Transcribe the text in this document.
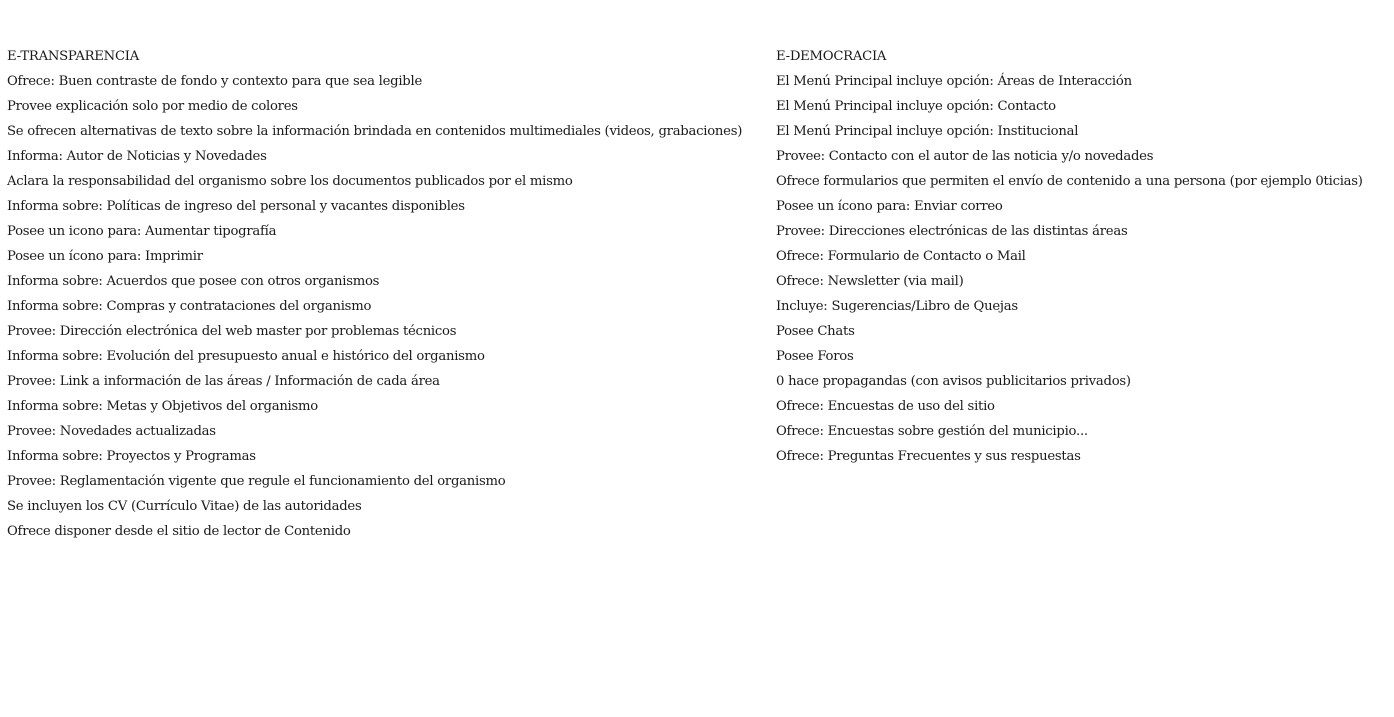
E-TRANSPARENCIA
Ofrece: Buen contraste de fondo y contexto para que sea legible
Provee explicación solo por medio de colores
Se ofrecen alternativas de texto sobre la información brindada en contenidos multimediales (videos, grabaciones)
Informa: Autor de Noticias y Novedades
Aclara la responsabilidad del organismo sobre los documentos publicados por el mismo
Informa sobre: Políticas de ingreso del personal y vacantes disponibles
Posee un icono para: Aumentar tipografía
Posee un ícono para: Imprimir
Informa sobre: Acuerdos que posee con otros organismos
Informa sobre: Compras y contrataciones del organismo
Provee: Dirección electrónica del web master por problemas técnicos
Informa sobre: Evolución del presupuesto anual e histórico del organismo
Provee: Link a información de las áreas / Información de cada área
Informa sobre: Metas y Objetivos del organismo
Provee: Novedades actualizadas
Informa sobre: Proyectos y Programas
Provee: Reglamentación vigente que regule el funcionamiento del organismo
Se incluyen los CV (Currículo Vitae) de las autoridades
Ofrece disponer desde el sitio de lector de Contenido
E-DEMOCRACIA
El Menú Principal incluye opción: Áreas de Interacción
El Menú Principal incluye opción: Contacto
El Menú Principal incluye opción: Institucional
Provee: Contacto con el autor de las noticia y/o novedades
Ofrece formularios que permiten el envío de contenido a una persona (por ejemplo 0ticias)
Posee un ícono para: Enviar correo
Provee: Direcciones electrónicas de las distintas áreas
Ofrece: Formulario de Contacto o Mail
Ofrece: Newsletter (via mail)
Incluye: Sugerencias/Libro de Quejas
Posee Chats
Posee Foros
0 hace propagandas (con avisos publicitarios privados)
Ofrece: Encuestas de uso del sitio
Ofrece: Encuestas sobre gestión del municipio...
Ofrece: Preguntas Frecuentes y sus respuestas
